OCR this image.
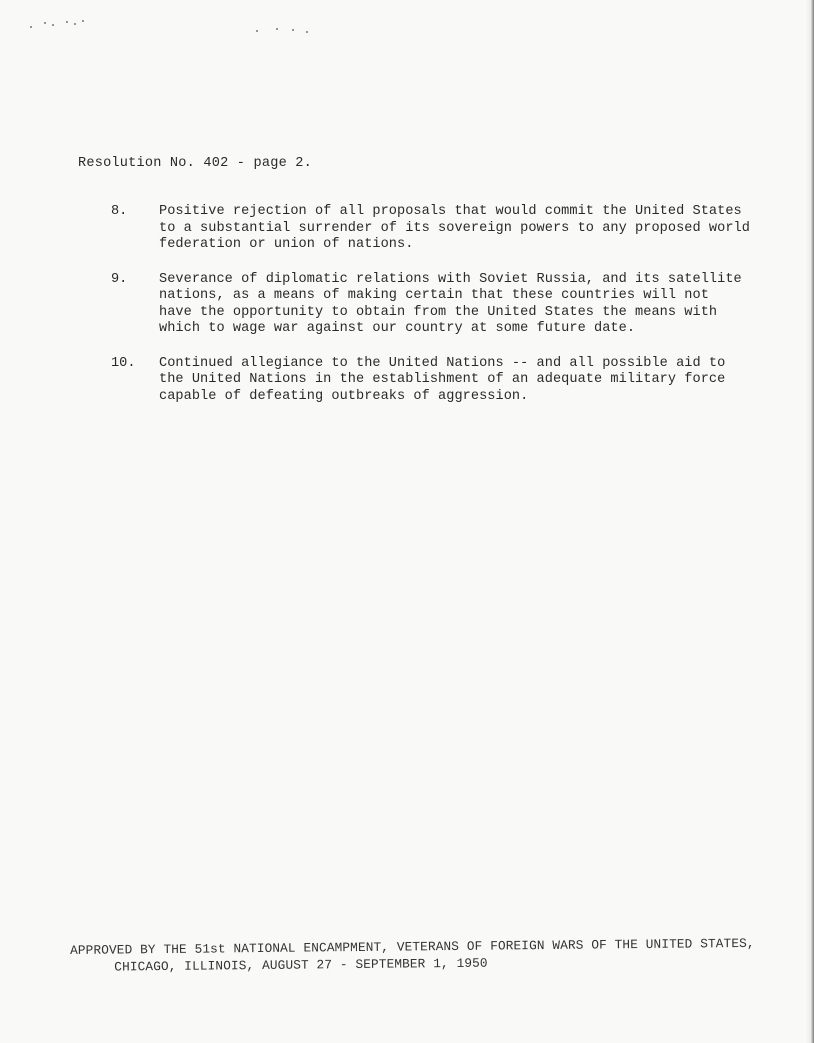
Resolution No. 402 - page 2.
8.	Positive rejection of all proposals that would commit the United States
to a substantial surrender of its sovereign powers to any proposed world
federation or union of nations.
9.	Severance of diplomatic relations with Soviet Russia, and its satellite
nations, as a means of making certain that these countries will not
have the opportunity to obtain from the United States the means with
which to wage war against our country at some future date.
10.	Continued allegiance to the United Nations -- and all possible aid to
the United Nations in the establishment of an adequate military force
capable of defeating outbreaks of aggression.
APPROVED BY THE 51st NATIONAL ENCAMPMENT, VETERANS OF FOREIGN WARS OF THE UNITED STATES,
CHICAGO, ILLINOIS, AUGUST 27 - SEPTEMBER 1, 1950
